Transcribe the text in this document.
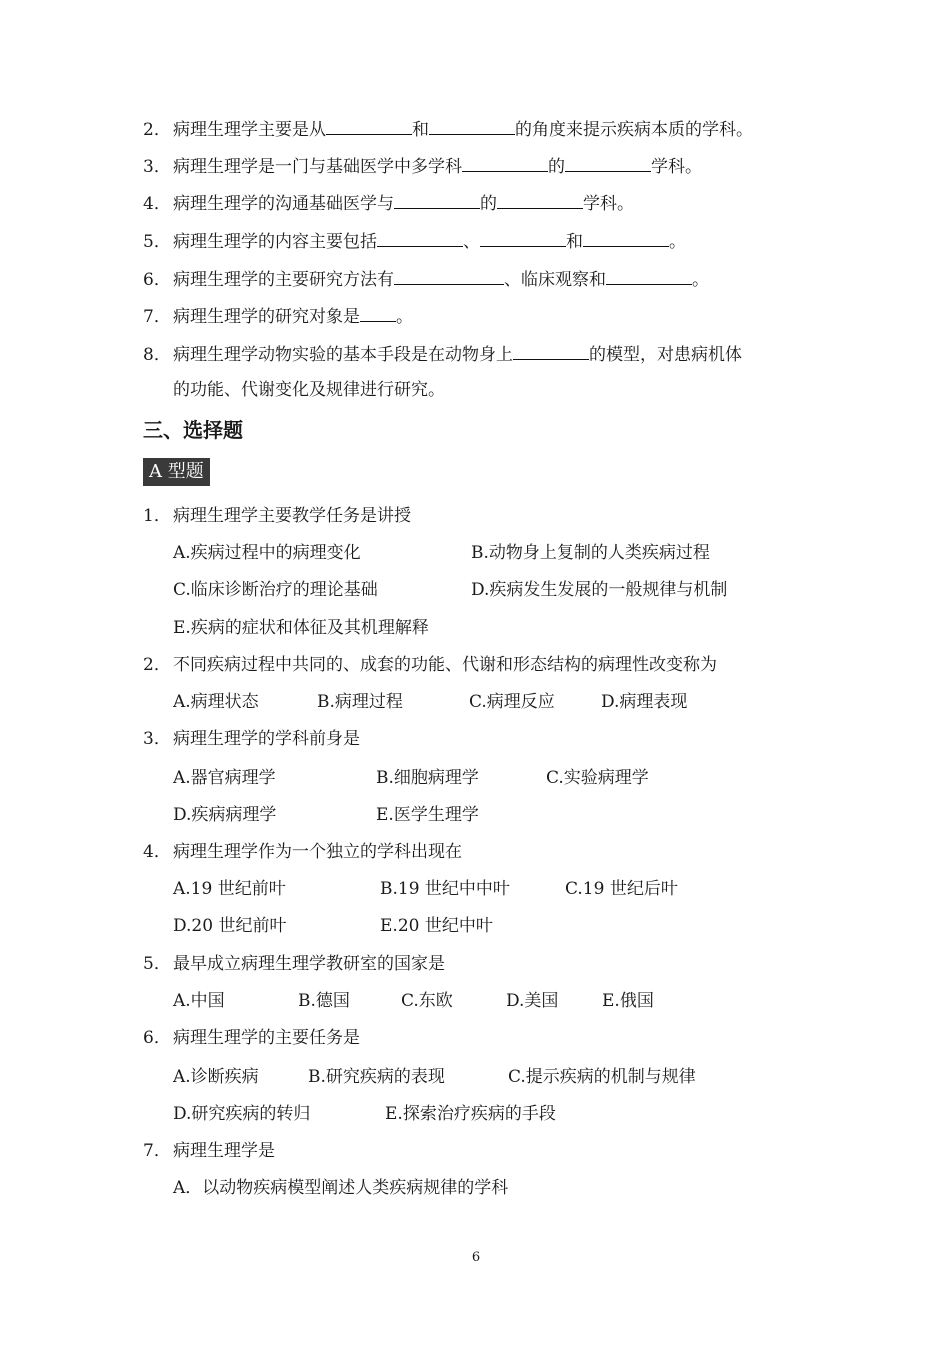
2． 病理生理学主要是从	和	的角度来提示疾病本质的学科。
3． 病理生理学是一门与基础医学中多学科	的	学科。
4． 病理生理学的沟通基础医学与	的	学科。
5． 病理生理学的内容主要包括	、	和	。
6． 病理生理学的主要研究方法有	、临床观察和	。
7． 病理生理学的研究对象是 。
8． 病理生理学动物实验的基本手段是在动物身上	的模型，对患病机体
的功能、代谢变化及规律进行研究。
三、选择题
A 型题
1． 病理生理学主要教学任务是讲授
A.疾病过程中的病理变化	B.动物身上复制的人类疾病过程
C.临床诊断治疗的理论基础	D.疾病发生发展的一般规律与机制
E.疾病的症状和体征及其机理解释
2． 不同疾病过程中共同的、成套的功能、代谢和形态结构的病理性改变称为
A.病理状态	B.病理过程	C.病理反应	D.病理表现
3． 病理生理学的学科前身是
A.器官病理学	B.细胞病理学	C.实验病理学
D.疾病病理学	E.医学生理学
4． 病理生理学作为一个独立的学科出现在
A.19 世纪前叶	B.19 世纪中中叶	C.19 世纪后叶
D.20 世纪前叶	E.20 世纪中叶
5． 最早成立病理生理学教研室的国家是
A.中国	B.德国	C.东欧	D.美国	E.俄国
6． 病理生理学的主要任务是
A.诊断疾病	B.研究疾病的表现	C.提示疾病的机制与规律
D.研究疾病的转归	E.探索治疗疾病的手段
7． 病理生理学是
A．以动物疾病模型阐述人类疾病规律的学科
6
